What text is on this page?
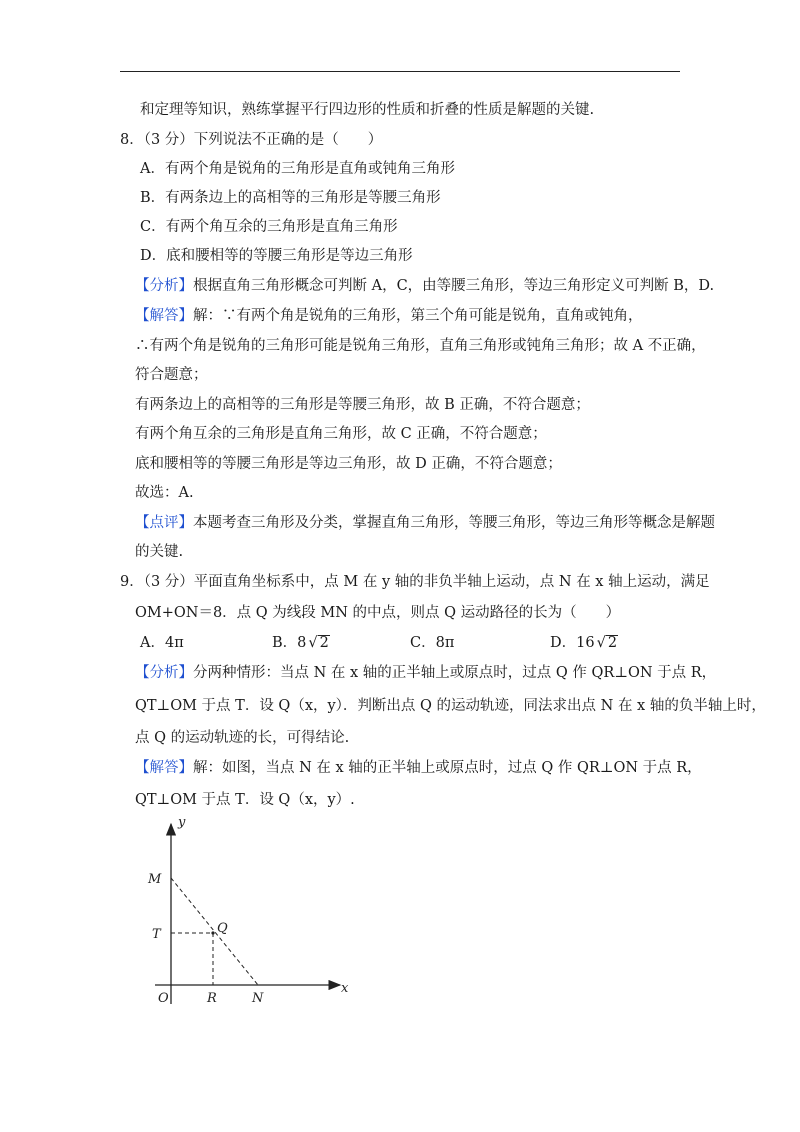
和定理等知识，熟练掌握平行四边形的性质和折叠的性质是解题的关键.
8．（3 分）下列说法不正确的是（　　）
A．有两个角是锐角的三角形是直角或钝角三角形
B．有两条边上的高相等的三角形是等腰三角形
C．有两个角互余的三角形是直角三角形
D．底和腰相等的等腰三角形是等边三角形
【分析】根据直角三角形概念可判断 A，C，由等腰三角形，等边三角形定义可判断 B，D.
【解答】解：∵有两个角是锐角的三角形，第三个角可能是锐角，直角或钝角，
∴有两个角是锐角的三角形可能是锐角三角形，直角三角形或钝角三角形；故 A 不正确，
符合题意；
有两条边上的高相等的三角形是等腰三角形，故 B 正确，不符合题意；
有两个角互余的三角形是直角三角形，故 C 正确，不符合题意；
底和腰相等的等腰三角形是等边三角形，故 D 正确，不符合题意；
故选：A.
【点评】本题考查三角形及分类，掌握直角三角形，等腰三角形，等边三角形等概念是解题
的关键.
9．（3 分）平面直角坐标系中，点 M 在 y 轴的非负半轴上运动，点 N 在 x 轴上运动，满足
OM+ON＝8．点 Q 为线段 MN 的中点，则点 Q 运动路径的长为（　　）
A．4π	B．8 √ 2	C．8π	D．16 √ 2
【分析】分两种情形：当点 N 在 x 轴的正半轴上或原点时，过点 Q 作 QR⊥ON 于点 R，
QT⊥OM 于点 T．设 Q（x，y）．判断出点 Q 的运动轨迹，同法求出点 N 在 x 轴的负半轴上时，
点 Q 的运动轨迹的长，可得结论.
【解答】解：如图，当点 N 在 x 轴的正半轴上或原点时，过点 Q 作 QR⊥ON 于点 R，
QT⊥OM 于点 T．设 Q（x，y）.
y
x
M
T	Q
O	R	N
